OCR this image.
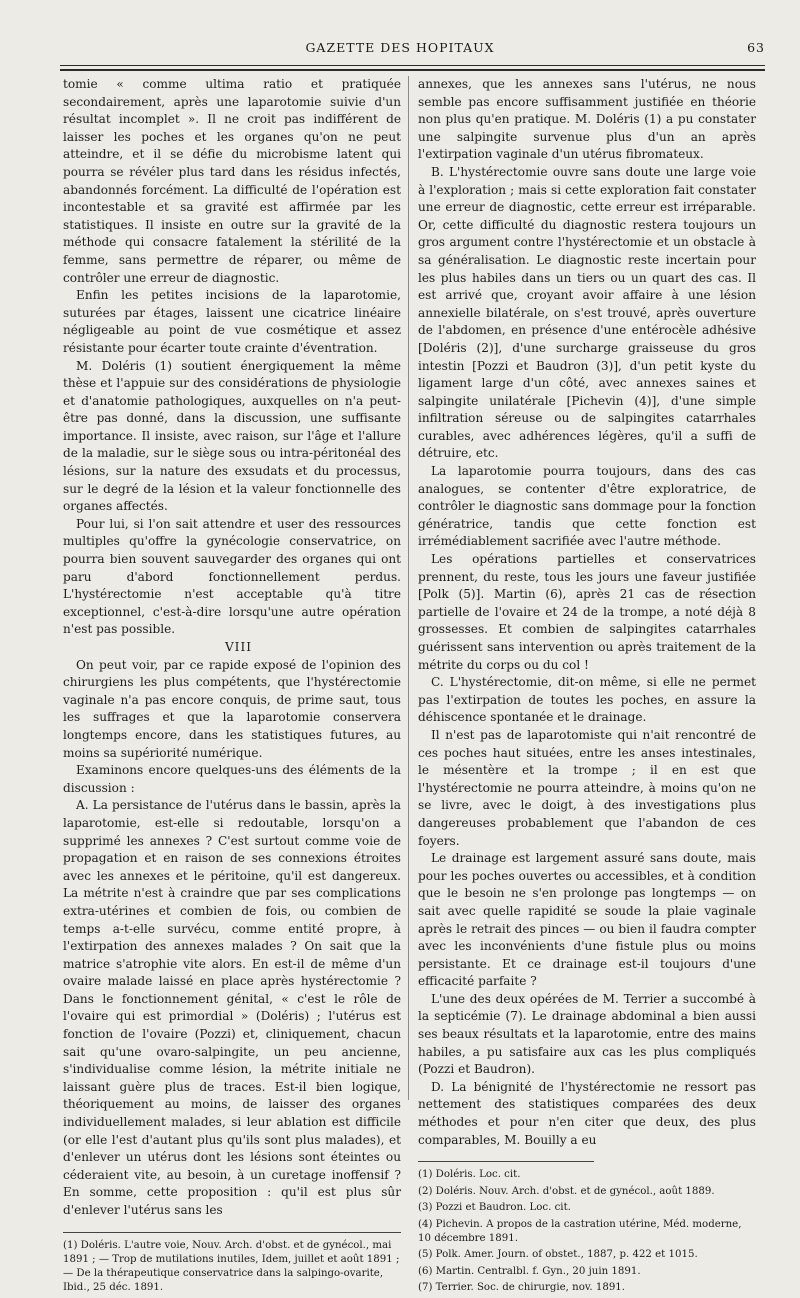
GAZETTE DES HOPITAUX	63

tomie « comme ultima ratio et pratiquée secondairement, après une laparotomie suivie d'un résultat incomplet ». Il ne croit pas indifférent de laisser les poches et les organes qu'on ne peut atteindre, et il se défie du microbisme latent qui pourra se révéler plus tard dans les résidus infectés, abandonnés forcément. La difficulté de l'opération est incontestable et sa gravité est affirmée par les statistiques. Il insiste en outre sur la gravité de la méthode qui consacre fatalement la stérilité de la femme, sans permettre de réparer, ou même de contrôler une erreur de diagnostic.

Enfin les petites incisions de la laparotomie, suturées par étages, laissent une cicatrice linéaire négligeable au point de vue cosmétique et assez résistante pour écarter toute crainte d'éventration.

M. Doléris (1) soutient énergiquement la même thèse et l'appuie sur des considérations de physiologie et d'anatomie pathologiques, auxquelles on n'a peut-être pas donné, dans la discussion, une suffisante importance. Il insiste, avec raison, sur l'âge et l'allure de la maladie, sur le siège sous ou intra-péritonéal des lésions, sur la nature des exsudats et du processus, sur le degré de la lésion et la valeur fonctionnelle des organes affectés.

Pour lui, si l'on sait attendre et user des ressources multiples qu'offre la gynécologie conservatrice, on pourra bien souvent sauvegarder des organes qui ont paru d'abord fonctionnellement perdus. L'hystérectomie n'est acceptable qu'à titre exceptionnel, c'est-à-dire lorsqu'une autre opération n'est pas possible.

VIII

On peut voir, par ce rapide exposé de l'opinion des chirurgiens les plus compétents, que l'hystérectomie vaginale n'a pas encore conquis, de prime saut, tous les suffrages et que la laparotomie conservera longtemps encore, dans les statistiques futures, au moins sa supériorité numérique.

Examinons encore quelques-uns des éléments de la discussion :

A. La persistance de l'utérus dans le bassin, après la laparotomie, est-elle si redoutable, lorsqu'on a supprimé les annexes ? C'est surtout comme voie de propagation et en raison de ses connexions étroites avec les annexes et le péritoine, qu'il est dangereux. La métrite n'est à craindre que par ses complications extra-utérines et combien de fois, ou combien de temps a-t-elle survécu, comme entité propre, à l'extirpation des annexes malades ? On sait que la matrice s'atrophie vite alors. En est-il de même d'un ovaire malade laissé en place après hystérectomie ? Dans le fonctionnement génital, « c'est le rôle de l'ovaire qui est primordial » (Doléris) ; l'utérus est fonction de l'ovaire (Pozzi) et, cliniquement, chacun sait qu'une ovaro-salpingite, un peu ancienne, s'individualise comme lésion, la métrite initiale ne laissant guère plus de traces. Est-il bien logique, théoriquement au moins, de laisser des organes individuellement malades, si leur ablation est difficile (or elle l'est d'autant plus qu'ils sont plus malades), et d'enlever un utérus dont les lésions sont éteintes ou céderaient vite, au besoin, à un curetage inoffensif ? En somme, cette proposition : qu'il est plus sûr d'enlever l'utérus sans les

(1) Doléris. L'autre voie, Nouv. Arch. d'obst. et de gynécol., mai 1891 ; — Trop de mutilations inutiles, Idem, juillet et août 1891 ; — De la thérapeutique conservatrice dans la salpingo-ovarite, Ibid., 25 déc. 1891.

annexes, que les annexes sans l'utérus, ne nous semble pas encore suffisamment justifiée en théorie non plus qu'en pratique. M. Doléris (1) a pu constater une salpingite survenue plus d'un an après l'extirpation vaginale d'un utérus fibromateux.

B. L'hystérectomie ouvre sans doute une large voie à l'exploration ; mais si cette exploration fait constater une erreur de diagnostic, cette erreur est irréparable. Or, cette difficulté du diagnostic restera toujours un gros argument contre l'hystérectomie et un obstacle à sa généralisation. Le diagnostic reste incertain pour les plus habiles dans un tiers ou un quart des cas. Il est arrivé que, croyant avoir affaire à une lésion annexielle bilatérale, on s'est trouvé, après ouverture de l'abdomen, en présence d'une entérocèle adhésive [Doléris (2)], d'une surcharge graisseuse du gros intestin [Pozzi et Baudron (3)], d'un petit kyste du ligament large d'un côté, avec annexes saines et salpingite unilatérale [Pichevin (4)], d'une simple infiltration séreuse ou de salpingites catarrhales curables, avec adhérences légères, qu'il a suffi de détruire, etc.

La laparotomie pourra toujours, dans des cas analogues, se contenter d'être exploratrice, de contrôler le diagnostic sans dommage pour la fonction génératrice, tandis que cette fonction est irrémédiablement sacrifiée avec l'autre méthode.

Les opérations partielles et conservatrices prennent, du reste, tous les jours une faveur justifiée [Polk (5)]. Martin (6), après 21 cas de résection partielle de l'ovaire et 24 de la trompe, a noté déjà 8 grossesses. Et combien de salpingites catarrhales guérissent sans intervention ou après traitement de la métrite du corps ou du col !

C. L'hystérectomie, dit-on même, si elle ne permet pas l'extirpation de toutes les poches, en assure la déhiscence spontanée et le drainage.

Il n'est pas de laparotomiste qui n'ait rencontré de ces poches haut situées, entre les anses intestinales, le mésentère et la trompe ; il en est que l'hystérectomie ne pourra atteindre, à moins qu'on ne se livre, avec le doigt, à des investigations plus dangereuses probablement que l'abandon de ces foyers.

Le drainage est largement assuré sans doute, mais pour les poches ouvertes ou accessibles, et à condition que le besoin ne s'en prolonge pas longtemps — on sait avec quelle rapidité se soude la plaie vaginale après le retrait des pinces — ou bien il faudra compter avec les inconvénients d'une fistule plus ou moins persistante. Et ce drainage est-il toujours d'une efficacité parfaite ?

L'une des deux opérées de M. Terrier a succombé à la septicémie (7). Le drainage abdominal a bien aussi ses beaux résultats et la laparotomie, entre des mains habiles, a pu satisfaire aux cas les plus compliqués (Pozzi et Baudron).

D. La bénignité de l'hystérectomie ne ressort pas nettement des statistiques comparées des deux méthodes et pour n'en citer que deux, des plus comparables, M. Bouilly a eu

(1) Doléris. Loc. cit.

(2) Doléris. Nouv. Arch. d'obst. et de gynécol., août 1889.

(3) Pozzi et Baudron. Loc. cit.

(4) Pichevin. A propos de la castration utérine, Méd. moderne, 10 décembre 1891.

(5) Polk. Amer. Journ. of obstet., 1887, p. 422 et 1015.

(6) Martin. Centralbl. f. Gyn., 20 juin 1891.

(7) Terrier. Soc. de chirurgie, nov. 1891.
